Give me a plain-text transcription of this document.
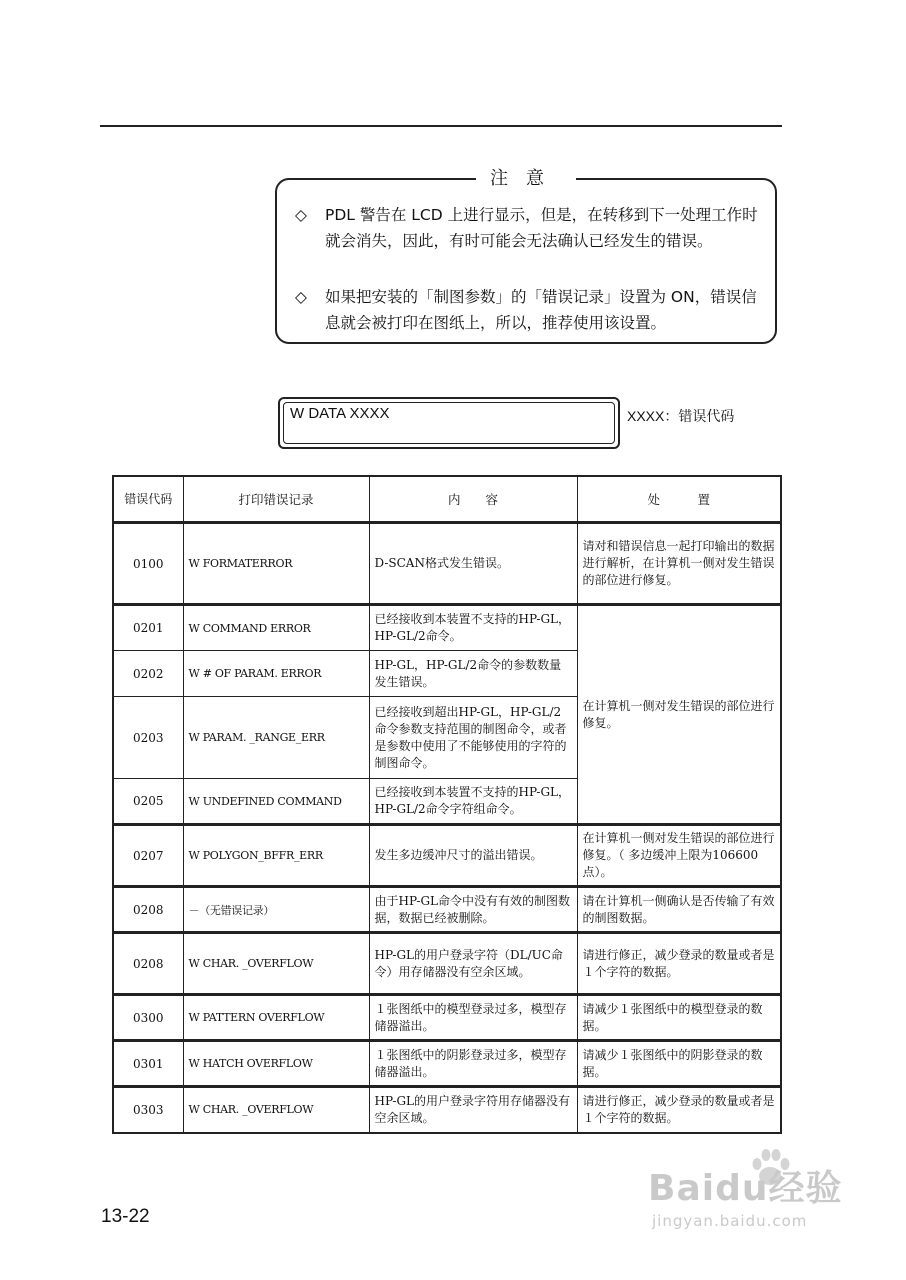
注意
◇	PDL 警告在 LCD 上进行显示，但是，在转移到下一处理工作时就会消失，因此，有时可能会无法确认已经发生的错误。
◇	如果把安装的「制图参数」的「错误记录」设置为 ON，错误信息就会被打印在图纸上，所以，推荐使用该设置。
W DATA XXXX	XXXX：错误代码
错误代码	打印错误记录	内　　容	处　　　置
0100	W FORMATERROR	D-SCAN格式发生错误。	请对和错误信息一起打印输出的数据进行解析，在计算机一侧对发生错误的部位进行修复。
0201	W COMMAND ERROR	已经接收到本装置不支持的HP-GL，HP-GL/2命令。	在计算机一侧对发生错误的部位进行修复。
0202	W # OF PARAM. ERROR	HP-GL，HP-GL/2命令的参数数量发生错误。	
0203	W PARAM. _RANGE_ERR	已经接收到超出HP-GL，HP-GL/2命令参数支持范围的制图命令，或者是参数中使用了不能够使用的字符的制图命令。	
0205	W UNDEFINED COMMAND	已经接收到本装置不支持的HP-GL，HP-GL/2命令字符组命令。	
0207	W POLYGON_BFFR_ERR	发生多边缓冲尺寸的溢出错误。	在计算机一侧对发生错误的部位进行修复。（ 多边缓冲上限为106600点）。
0208	－（无错误记录）	由于HP-GL命令中没有有效的制图数据，数据已经被删除。	请在计算机一侧确认是否传输了有效的制图数据。
0208	W CHAR. _OVERFLOW	HP-GL的用户登录字符（DL/UC命令）用存储器没有空余区域。	请进行修正，减少登录的数量或者是１个字符的数据。
0300	W PATTERN OVERFLOW	１张图纸中的模型登录过多，模型存储器溢出。	请减少１张图纸中的模型登录的数据。
0301	W HATCH OVERFLOW	１张图纸中的阴影登录过多，模型存储器溢出。	请减少１张图纸中的阴影登录的数据。
0303	W CHAR. _OVERFLOW	HP-GL的用户登录字符用存储器没有空余区域。	请进行修正，减少登录的数量或者是１个字符的数据。
13-22
Baidu经验
jingyan.baidu.com
